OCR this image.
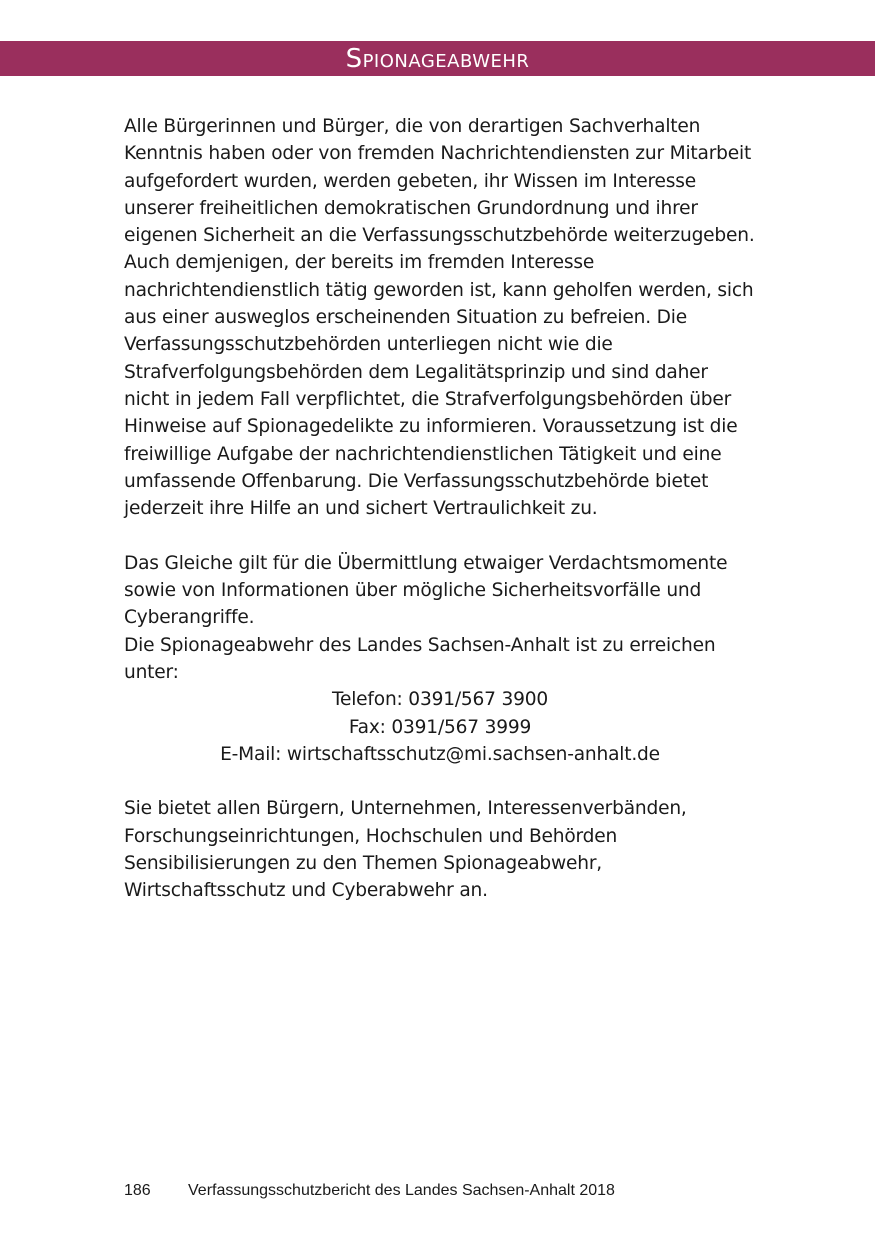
Spionageabwehr

Alle Bürgerinnen und Bürger, die von derartigen Sachverhalten Kenntnis haben oder von fremden Nachrichtendiensten zur Mitarbeit aufgefordert wurden, werden gebeten, ihr Wissen im Interesse unserer freiheitlichen demokratischen Grundordnung und ihrer eigenen Sicherheit an die Verfassungsschutzbehörde weiterzugeben.

Auch demjenigen, der bereits im fremden Interesse nachrichtendienstlich tätig geworden ist, kann geholfen werden, sich aus einer ausweglos erscheinenden Situation zu befreien. Die Verfassungsschutzbehörden unterliegen nicht wie die Strafverfolgungsbehörden dem Legalitätsprinzip und sind daher nicht in jedem Fall verpflichtet, die Strafverfolgungsbehörden über Hinweise auf Spionagedelikte zu informieren. Voraussetzung ist die freiwillige Aufgabe der nachrichtendienstlichen Tätigkeit und eine umfassende Offenbarung. Die Verfassungsschutzbehörde bietet jederzeit ihre Hilfe an und sichert Vertraulichkeit zu.

Das Gleiche gilt für die Übermittlung etwaiger Verdachtsmomente sowie von Informationen über mögliche Sicherheitsvorfälle und Cyberangriffe.

Die Spionageabwehr des Landes Sachsen-Anhalt ist zu erreichen unter:

Telefon: 0391/567 3900

Fax: 0391/567 3999

E-Mail: wirtschaftsschutz@mi.sachsen-anhalt.de

Sie bietet allen Bürgern, Unternehmen, Interessenverbänden, Forschungseinrichtungen, Hochschulen und Behörden Sensibilisierungen zu den Themen Spionageabwehr, Wirtschaftsschutz und Cyberabwehr an.

186 Verfassungsschutzbericht des Landes Sachsen-Anhalt 2018
